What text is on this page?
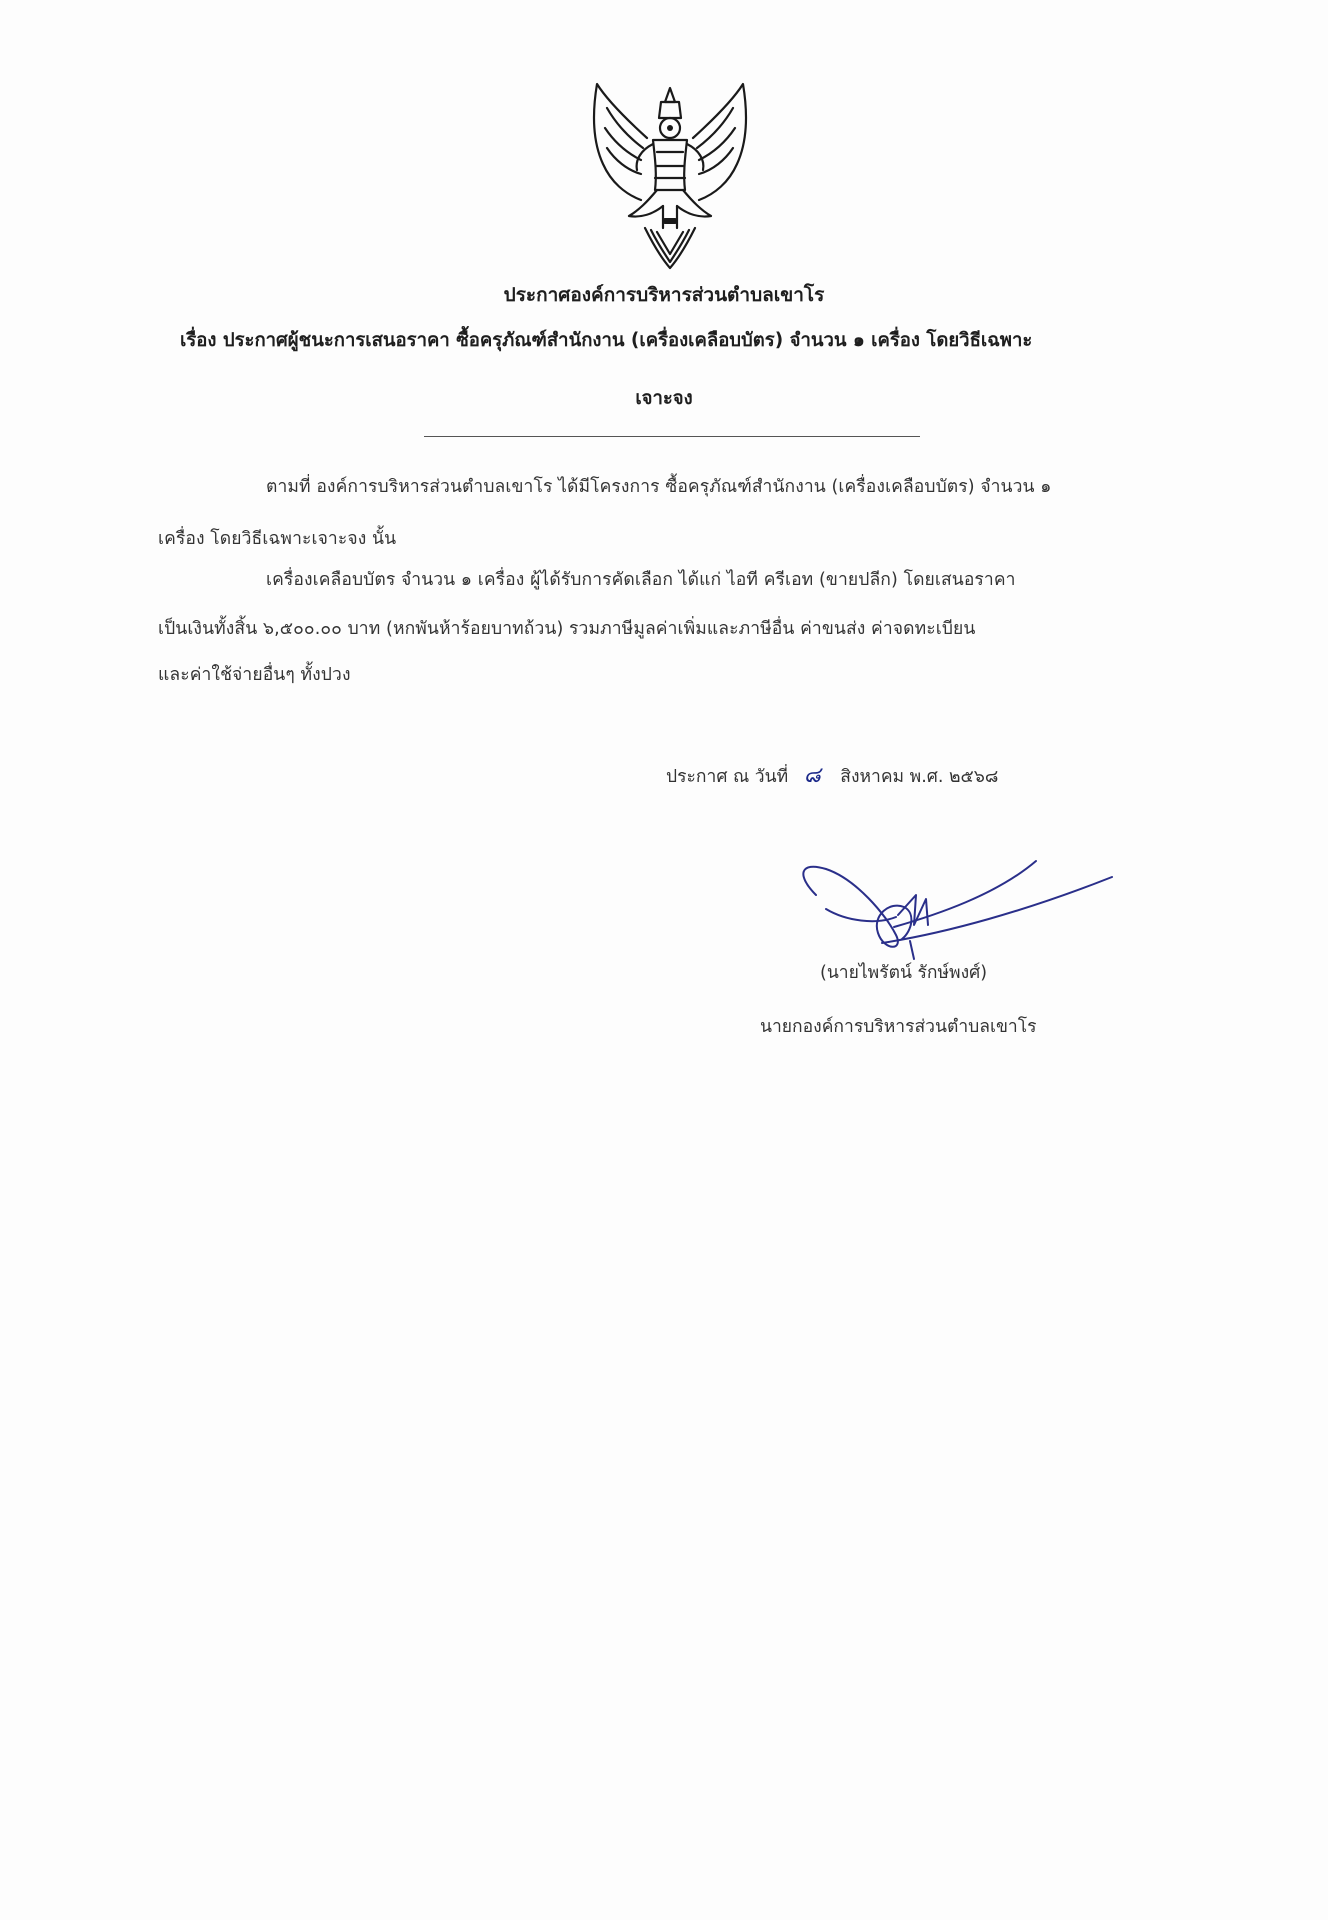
ประกาศองค์การบริหารส่วนตำบลเขาโร
เรื่อง ประกาศผู้ชนะการเสนอราคา ซื้อครุภัณฑ์สำนักงาน (เครื่องเคลือบบัตร) จำนวน ๑ เครื่อง โดยวิธีเฉพาะ
เจาะจง
ตามที่ องค์การบริหารส่วนตำบลเขาโร ได้มีโครงการ ซื้อครุภัณฑ์สำนักงาน (เครื่องเคลือบบัตร) จำนวน ๑
เครื่อง โดยวิธีเฉพาะเจาะจง นั้น
เครื่องเคลือบบัตร จำนวน ๑ เครื่อง ผู้ได้รับการคัดเลือก ได้แก่ ไอที ครีเอท (ขายปลีก) โดยเสนอราคา
เป็นเงินทั้งสิ้น ๖,๕๐๐.๐๐ บาท (หกพันห้าร้อยบาทถ้วน) รวมภาษีมูลค่าเพิ่มและภาษีอื่น ค่าขนส่ง ค่าจดทะเบียน
และค่าใช้จ่ายอื่นๆ ทั้งปวง
ประกาศ ณ วันที่ ๘ สิงหาคม พ.ศ. ๒๕๖๘
(นายไพรัตน์ รักษ์พงศ์)
นายกองค์การบริหารส่วนตำบลเขาโร
